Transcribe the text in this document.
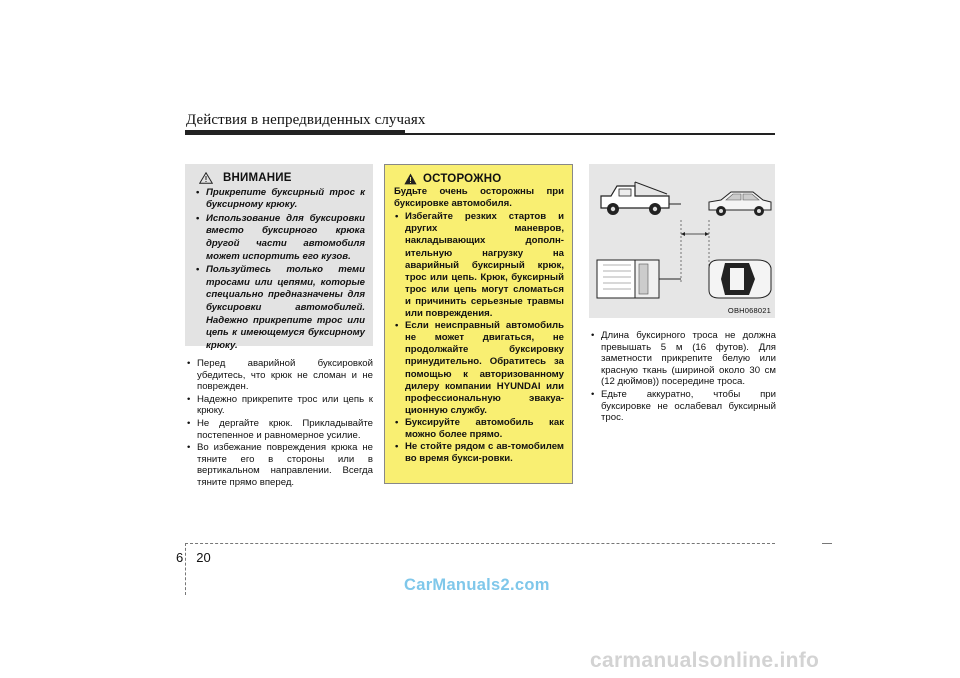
Действия в непредвиденных случаях
ВНИМАНИЕ
• Прикрепите буксирный трос к буксирному крюку.
• Использование для буксировки вместо буксирного крюка другой части автомобиля может испортить его кузов.
• Пользуйтесь только теми тросами или цепями, которые специально предназначены для буксировки автомобилей. Надежно прикрепите трос или цепь к имеющемуся буксирному крюку.
• Перед аварийной буксировкой убедитесь, что крюк не сломан и не поврежден.
• Надежно прикрепите трос или цепь к крюку.
• Не дергайте крюк. Прикладывайте постепенное и равномерное усилие.
• Во избежание повреждения крюка не тяните его в стороны или в вертикальном направлении. Всегда тяните прямо вперед.
ОСТОРОЖНО
Будьте очень осторожны при буксировке автомобиля.
• Избегайте резких стартов и других маневров, накладывающих дополн-ительную нагрузку на аварийный буксирный крюк, трос или цепь. Крюк, буксирный трос или цепь могут сломаться и причинить серьезные травмы или повреждения.
• Если неисправный автомобиль не может двигаться, не продолжайте буксировку принудительно. Обратитесь за помощью к авторизованному дилеру компании HYUNDAI или профессиональную эвакуа-ционную службу.
• Буксируйте автомобиль как можно более прямо.
• Не стойте рядом с ав-томобилем во время букси-ровки.
OBH068021
• Длина буксирного троса не должна превышать 5 м (16 футов). Для заметности прикрепите белую или красную ткань (шириной около 30 см (12 дюймов)) посередине троса.
• Едьте аккуратно, чтобы при буксировке не ослабевал буксирный трос.
6 20
CarManuals2.com
carmanualsonline.info
